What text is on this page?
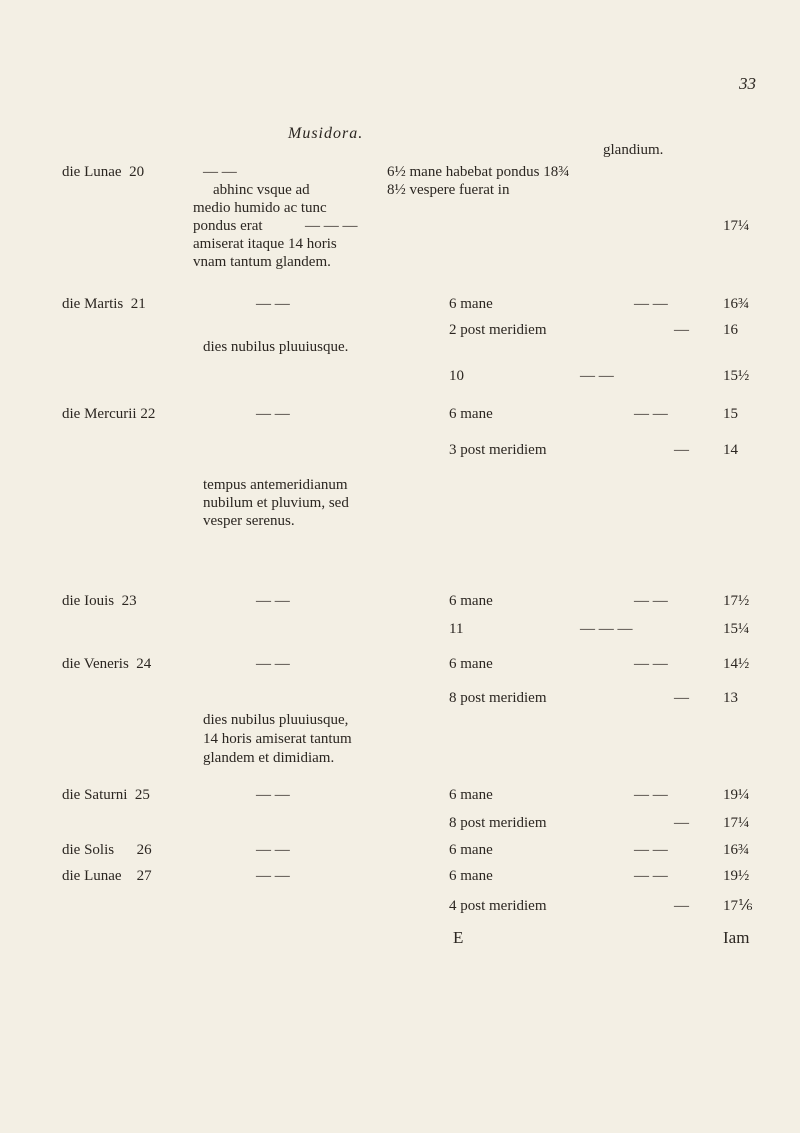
33
Musidora.
glandium.
die Lunae 20	— —	6½ mane habebat pondus 18¾
abhinc vsque ad	8½ vespere fuerat in
medio humido ac tunc
pondus erat	— — —	17¼
amiserat itaque 14 horis
vnam tantum glandem.
die Martis 21	— —	6 mane	— —	16¾
2 post meridiem	— 16
dies nubilus pluuiusque.
10	— —	15½
die Mercurii 22	— —	6 mane	— —	15
3 post meridiem	— 14
tempus antemeridianum
nubilum et pluvium, sed
vesper serenus.
die Iouis 23	— —	6 mane	— —	17½
11	— — —	15¼
die Veneris 24	— —	6 mane	— —	14½
8 post meridiem	— 13
dies nubilus pluuiusque,
14 horis amiserat tantum
glandem et dimidiam.
die Saturni 25	— —	6 mane	— —	19¼
8 post meridiem	— 17¼
die Solis 26	— —	6 mane	— —	16¾
die Lunae 27	— —	6 mane	— —	19½
4 post meridiem	— 17⅙
E	Iam
